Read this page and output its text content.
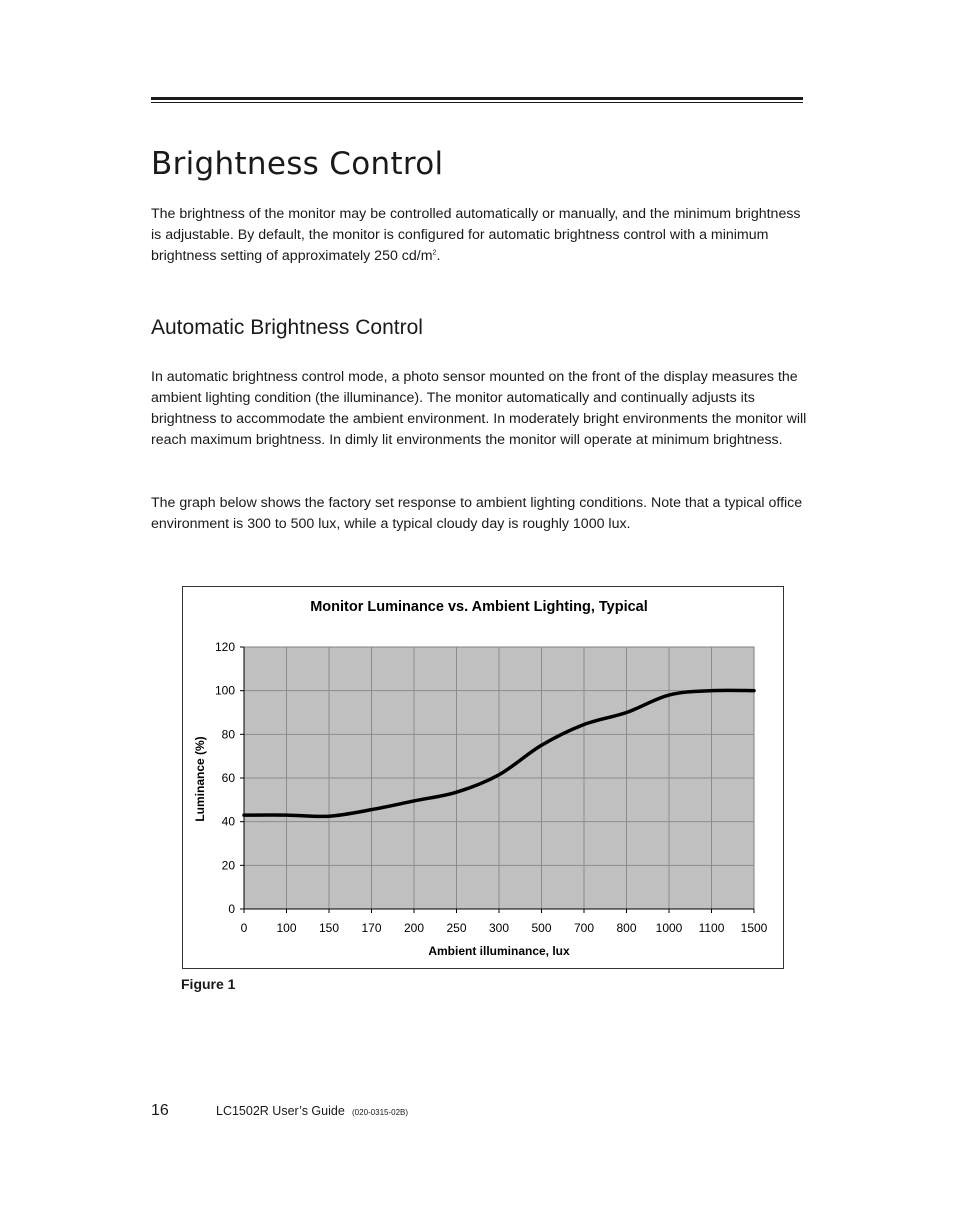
Brightness Control

The brightness of the monitor may be controlled automatically or manually, and the minimum brightness is adjustable. By default, the monitor is configured for automatic brightness control with a minimum brightness setting of approximately 250 $cd/m^2$.

Automatic Brightness Control

In automatic brightness control mode, a photo sensor mounted on the front of the display measures the ambient lighting condition (the illuminance). The monitor automatically and continually adjusts its brightness to accommodate the ambient environment. In moderately bright environments the monitor will reach maximum brightness. In dimly lit environments the monitor will operate at minimum brightness.

The graph below shows the factory set response to ambient lighting conditions. Note that a typical office environment is 300 to 500 lux, while a typical cloudy day is roughly 1000 lux.

Monitor Luminance vs. Ambient Lighting, Typical
0
20
40
60
80
100
120
0 100 150 170 200 250 300 500 700 800 1000 1100 1500
Ambient illuminance, lux
Luminance (%)

Figure 1

16	LC1502R User’s Guide (020-0315-02B)
